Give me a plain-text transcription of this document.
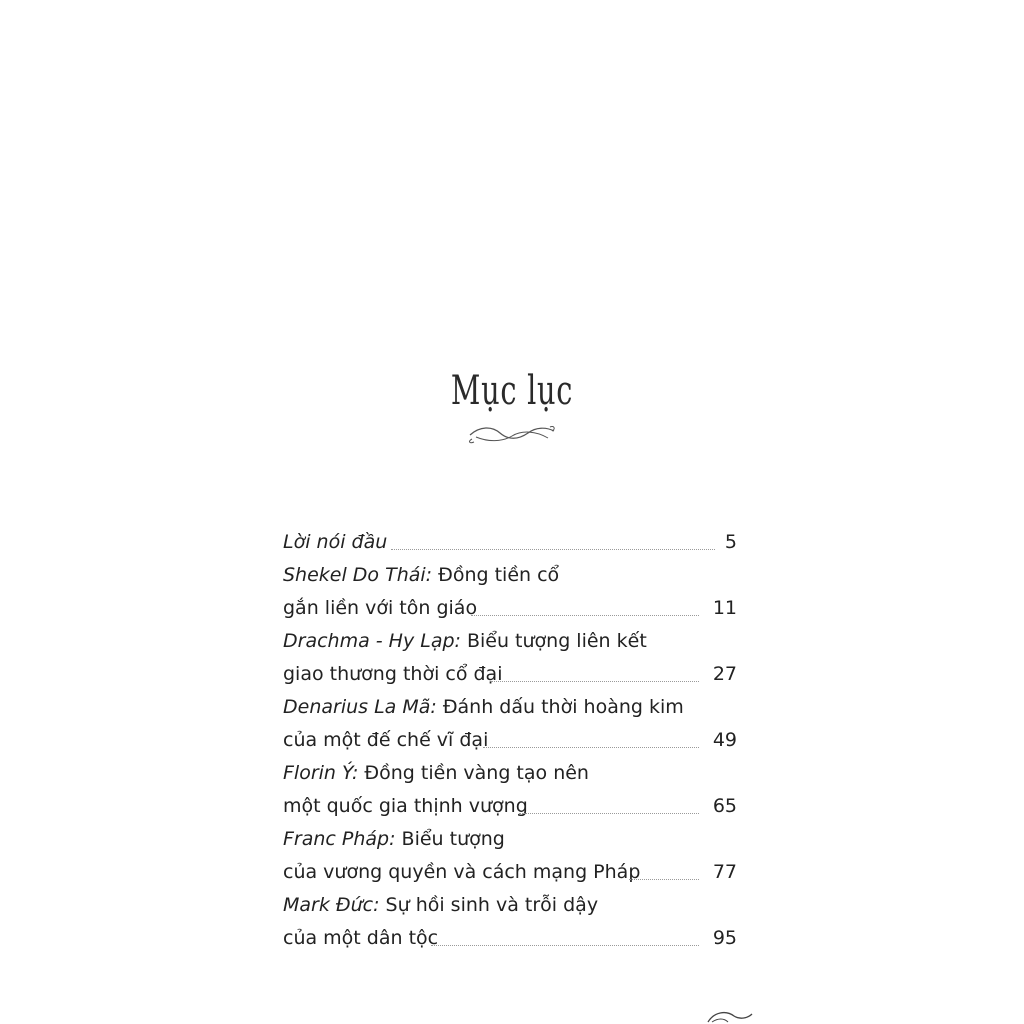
Mục lục
Lời nói đầu	5
Shekel Do Thái: Đồng tiền cổ
gắn liền với tôn giáo	11
Drachma - Hy Lạp: Biểu tượng liên kết
giao thương thời cổ đại	27
Denarius La Mã: Đánh dấu thời hoàng kim
của một đế chế vĩ đại	49
Florin Ý: Đồng tiền vàng tạo nên
một quốc gia thịnh vượng	65
Franc Pháp: Biểu tượng
của vương quyền và cách mạng Pháp	77
Mark Đức: Sự hồi sinh và trỗi dậy
của một dân tộc	95
